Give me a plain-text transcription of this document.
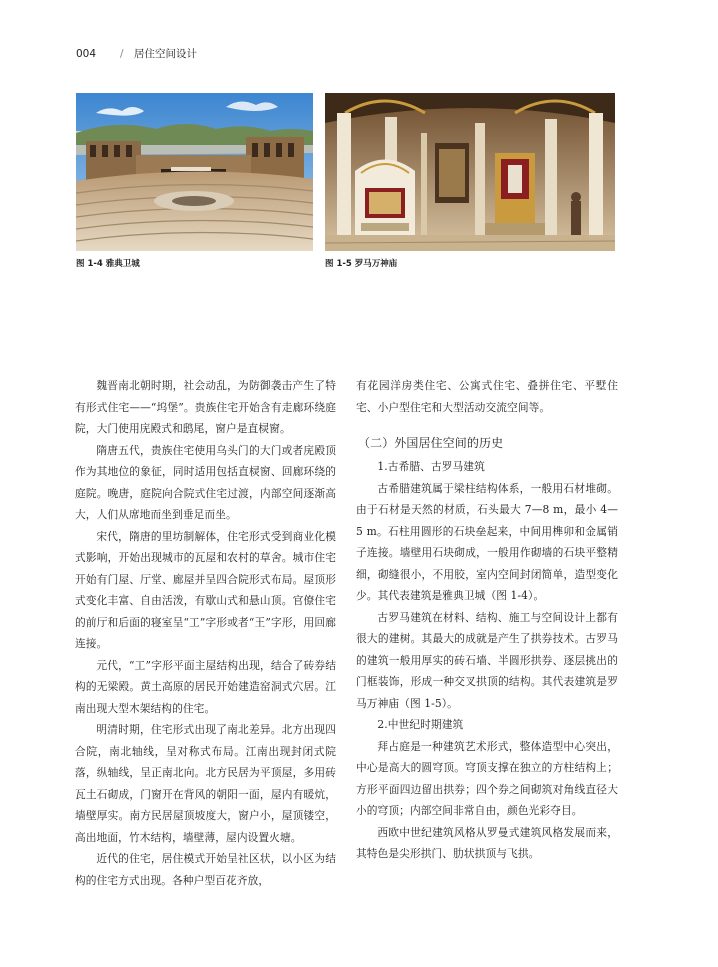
004 / 居住空间设计
图 1-4 雅典卫城	图 1-5 罗马万神庙

魏晋南北朝时期，社会动乱，为防御袭击产生了特有形式住宅——“坞堡”。贵族住宅开始含有走廊环绕庭院，大门使用庑殿式和鸱尾，窗户是直棂窗。

隋唐五代，贵族住宅使用乌头门的大门或者庑殿顶作为其地位的象征，同时适用包括直棂窗、回廊环绕的庭院。晚唐，庭院向合院式住宅过渡，内部空间逐渐高大，人们从席地而坐到垂足而坐。

宋代，隋唐的里坊制解体，住宅形式受到商业化模式影响，开始出现城市的瓦屋和农村的草舍。城市住宅开始有门屋、厅堂、廊屋并呈四合院形式布局。屋顶形式变化丰富、自由活泼，有歇山式和悬山顶。官僚住宅的前厅和后面的寝室呈“工”字形或者“王”字形，用回廊连接。

元代，“工”字形平面主屋结构出现，结合了砖券结构的无梁殿。黄土高原的居民开始建造窑洞式穴居。江南出现大型木架结构的住宅。

明清时期，住宅形式出现了南北差异。北方出现四合院，南北轴线，呈对称式布局。江南出现封闭式院落，纵轴线，呈正南北向。北方民居为平顶屋，多用砖瓦土石砌成，门窗开在背风的朝阳一面，屋内有暖炕，墙壁厚实。南方民居屋顶坡度大，窗户小，屋顶镂空，高出地面，竹木结构，墙壁薄，屋内设置火塘。

近代的住宅，居住模式开始呈社区状，以小区为结构的住宅方式出现。各种户型百花齐放，

有花园洋房类住宅、公寓式住宅、叠拼住宅、平墅住宅、小户型住宅和大型活动交流空间等。

（二）外国居住空间的历史
1.古希腊、古罗马建筑

古希腊建筑属于梁柱结构体系，一般用石材堆砌。由于石材是天然的材质，石头最大 7—8 m，最小 4—5 m。石柱用圆形的石块垒起来，中间用榫卯和金属销子连接。墙壁用石块砌成，一般用作砌墙的石块平整精细，砌缝很小，不用胶，室内空间封闭简单，造型变化少。其代表建筑是雅典卫城（图 1-4）。

古罗马建筑在材料、结构、施工与空间设计上都有很大的建树。其最大的成就是产生了拱券技术。古罗马的建筑一般用厚实的砖石墙、半圆形拱券、逐层挑出的门框装饰，形成一种交叉拱顶的结构。其代表建筑是罗马万神庙（图 1-5）。

2.中世纪时期建筑

拜占庭是一种建筑艺术形式，整体造型中心突出，中心是高大的圆穹顶。穹顶支撑在独立的方柱结构上；方形平面四边留出拱券；四个券之间砌筑对角线直径大小的穹顶；内部空间非常自由，颜色光彩夺目。

西欧中世纪建筑风格从罗曼式建筑风格发展而来，其特色是尖形拱门、肋状拱顶与飞拱。
